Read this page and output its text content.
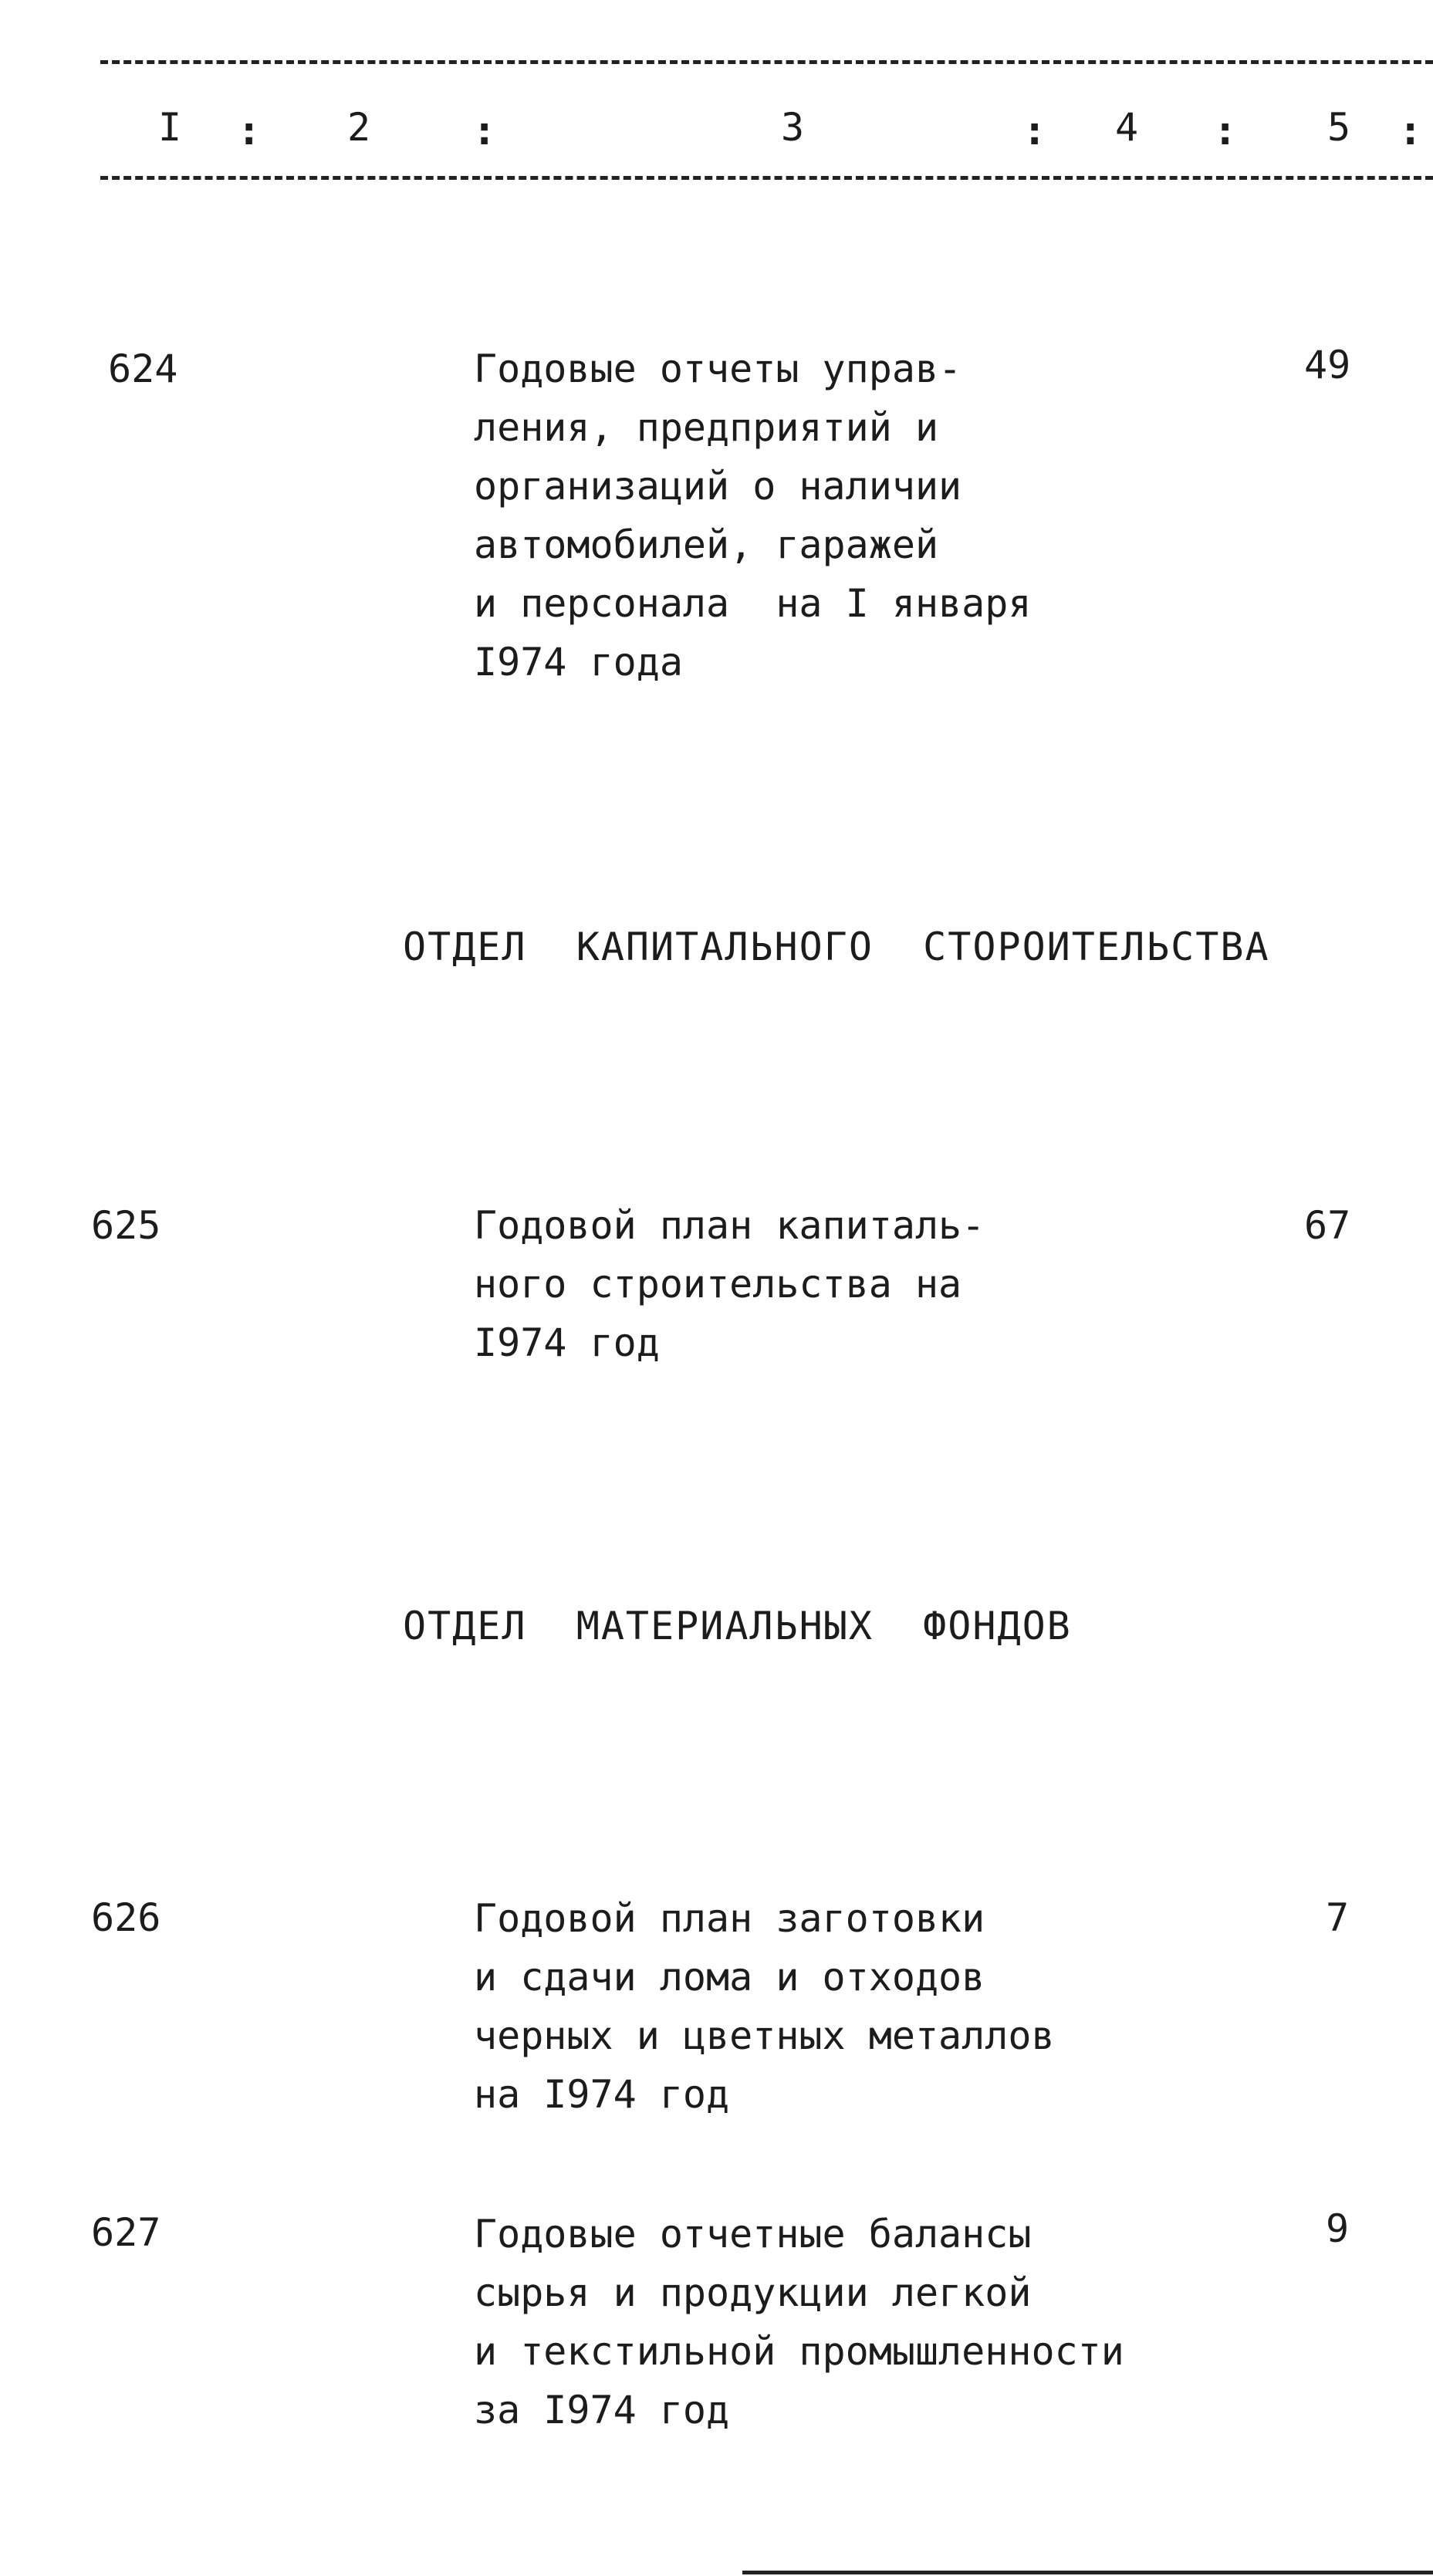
I : 2	:	3	: 4 : 5 :
624	Годовые отчеты управ-
ления, предприятий и
организаций о наличии
автомобилей, гаражей
и персонала  на I января
I974 года
49
ОТДЕЛ  КАПИТАЛЬНОГО  СТОРОИТЕЛЬСТВА
625	Годовой план капиталь-
ного строительства на
I974 год
67
ОТДЕЛ  МАТЕРИАЛЬНЫХ  ФОНДОВ
626	Годовой план заготовки
и сдачи лома и отходов
черных и цветных металлов
на I974 год
7
627	Годовые отчетные балансы
сырья и продукции легкой
и текстильной промышленности
за I974 год
9
